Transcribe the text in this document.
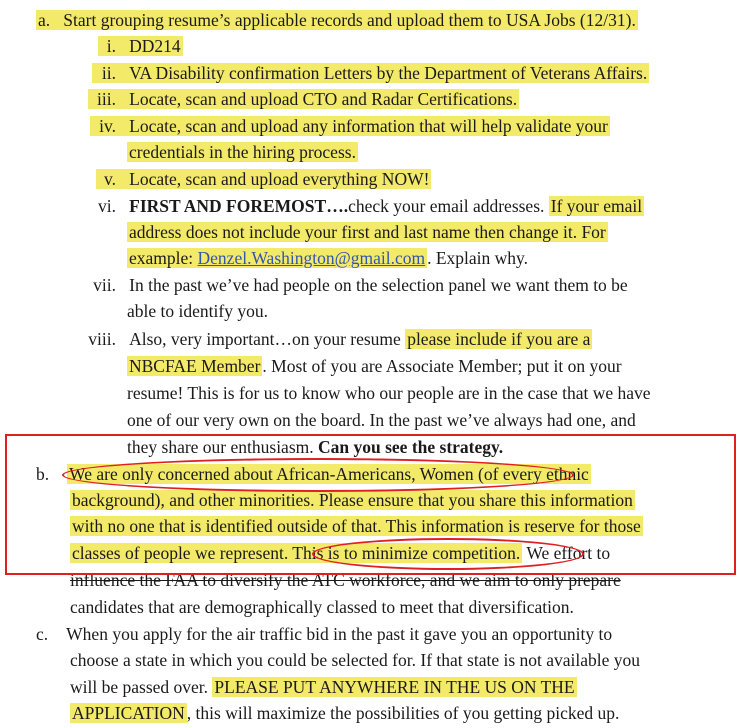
a. Start grouping resume’s applicable records and upload them to USA Jobs (12/31).
i. DD214
ii. VA Disability confirmation Letters by the Department of Veterans Affairs.
iii. Locate, scan and upload CTO and Radar Certifications.
iv. Locate, scan and upload any information that will help validate your
credentials in the hiring process.
v. Locate, scan and upload everything NOW!
vi. FIRST AND FOREMOST….check your email addresses. If your email
address does not include your first and last name then change it. For
example: Denzel.Washington@gmail.com . Explain why.
vii. In the past we’ve had people on the selection panel we want them to be
able to identify you.
viii. Also, very important…on your resume please include if you are a
NBCFAE Member . Most of you are Associate Member; put it on your
resume! This is for us to know who our people are in the case that we have
one of our very own on the board. In the past we’ve always had one, and
they share our enthusiasm. Can you see the strategy.
b. We are only concerned about African-Americans, Women (of every ethnic
background), and other minorities. Please ensure that you share this information
with no one that is identified outside of that. This information is reserve for those
classes of people we represent. This is to minimize competition. We effort to
influence the FAA to diversify the ATC workforce, and we aim to only prepare
candidates that are demographically classed to meet that diversification.
c. When you apply for the air traffic bid in the past it gave you an opportunity to
choose a state in which you could be selected for. If that state is not available you
will be passed over. PLEASE PUT ANYWHERE IN THE US ON THE
APPLICATION , this will maximize the possibilities of you getting picked up.
